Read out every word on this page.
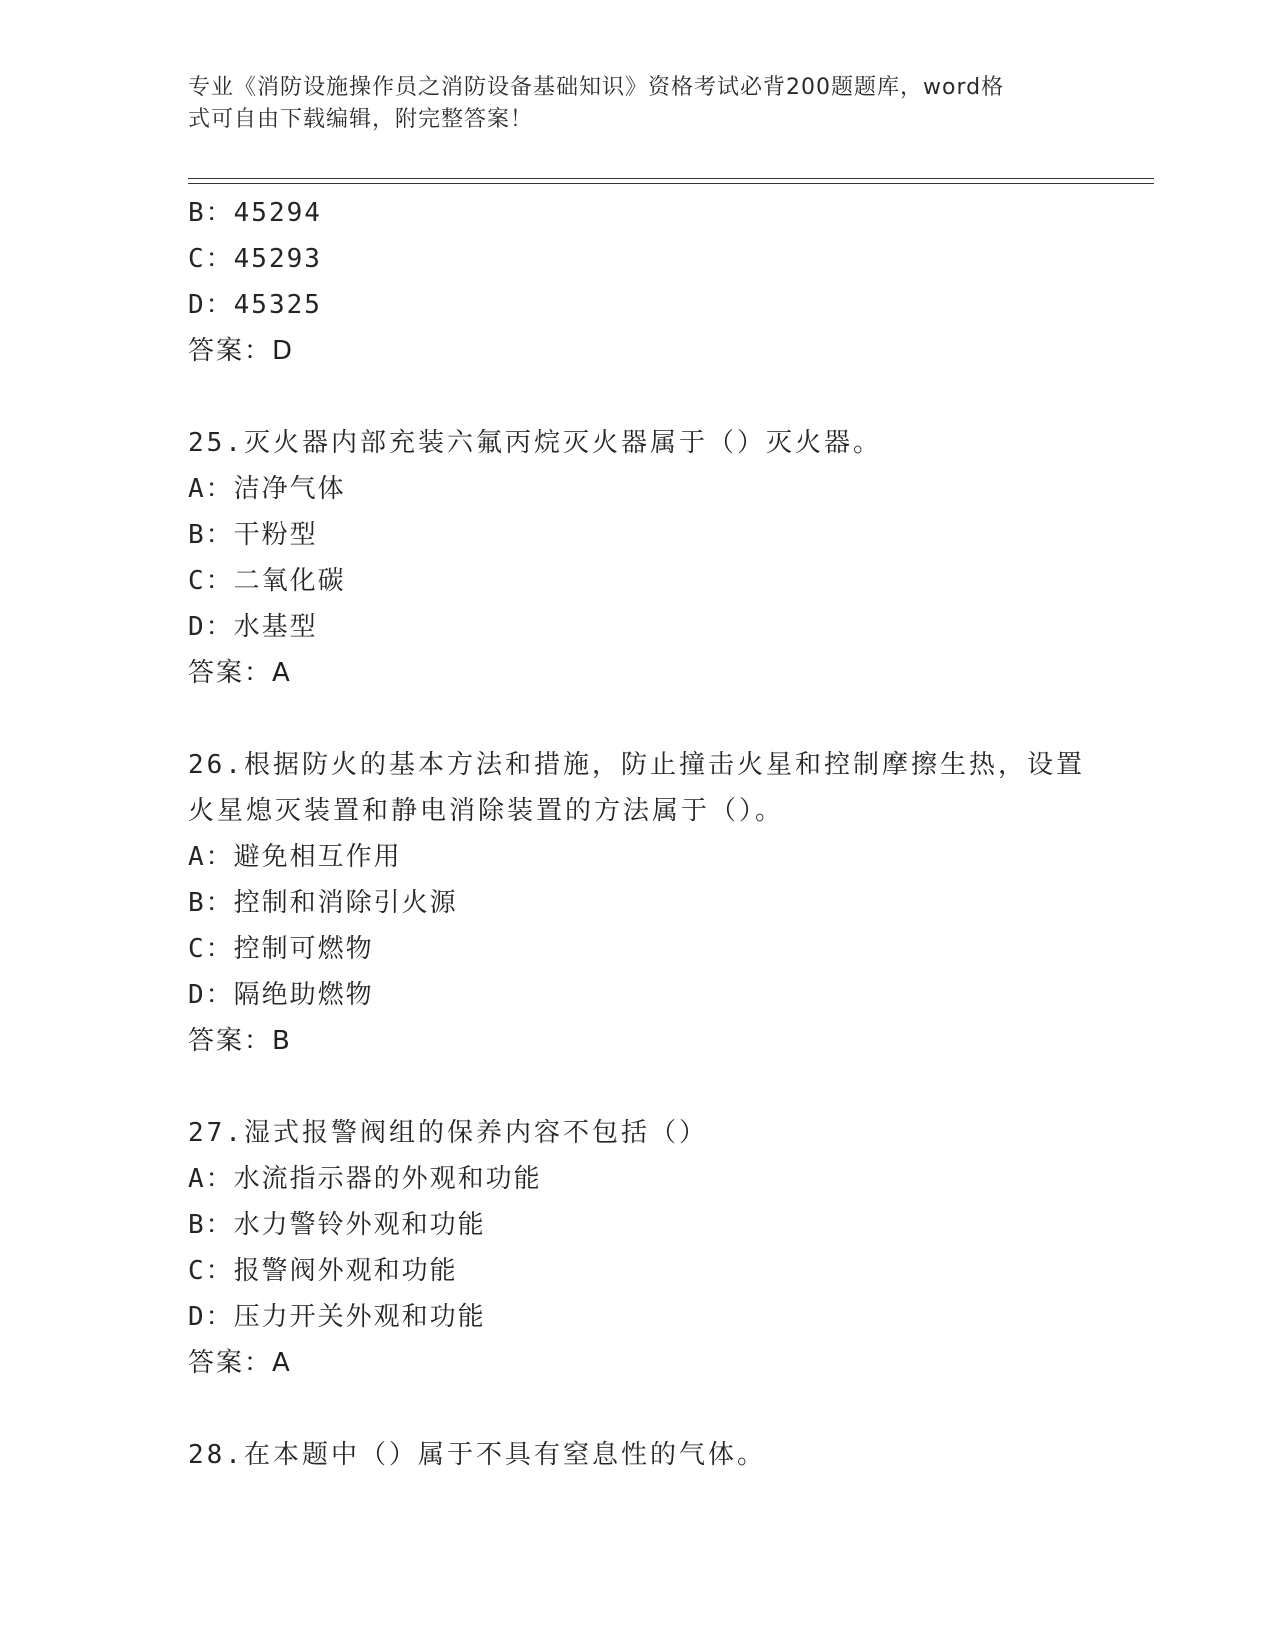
专业《消防设施操作员之消防设备基础知识》资格考试必背200题题库，word格
式可自由下载编辑，附完整答案！
B：45294
C：45293
D：45325
答案：D
25.灭火器内部充装六氟丙烷灭火器属于（）灭火器。
A：洁净气体
B：干粉型
C：二氧化碳
D：水基型
答案：A
26.根据防火的基本方法和措施，防止撞击火星和控制摩擦生热，设置
火星熄灭装置和静电消除装置的方法属于（）。
A：避免相互作用
B：控制和消除引火源
C：控制可燃物
D：隔绝助燃物
答案：B
27.湿式报警阀组的保养内容不包括（）
A：水流指示器的外观和功能
B：水力警铃外观和功能
C：报警阀外观和功能
D：压力开关外观和功能
答案：A
28.在本题中（）属于不具有窒息性的气体。
